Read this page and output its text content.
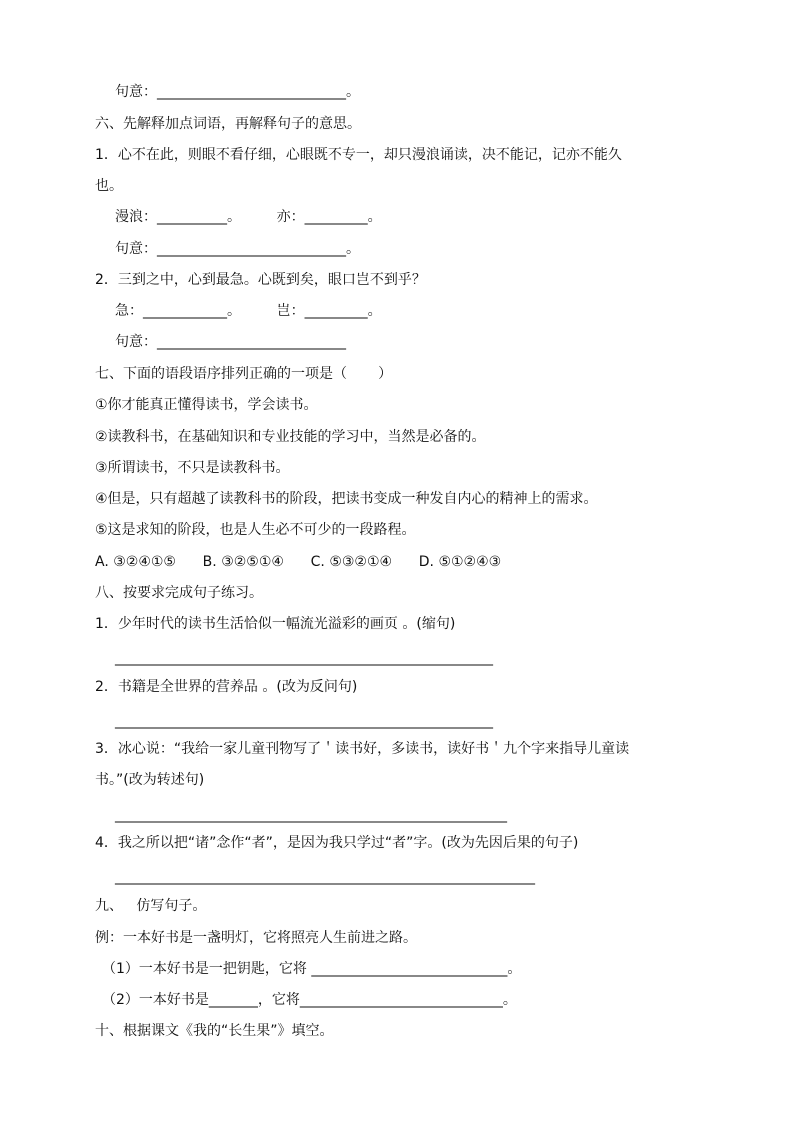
句意：___________________________。
六、先解释加点词语，再解释句子的意思。
1．心不在此，则眼不看仔细，心眼既不专一，却只漫浪诵读，决不能记，记亦不能久
也。
漫浪：__________。        亦：_________。
句意：___________________________。
2．三到之中，心到最急。心既到矣，眼口岂不到乎？
急：____________。        岂：_________。
句意：___________________________
七、下面的语段语序排列正确的一项是（       ）
①你才能真正懂得读书，学会读书。
②读教科书，在基础知识和专业技能的学习中，当然是必备的。
③所谓读书，不只是读教科书。
④但是，只有超越了读教科书的阶段，把读书变成一种发自内心的精神上的需求。
⑤这是求知的阶段，也是人生必不可少的一段路程。
A. ③②④①⑤      B. ③②⑤①④      C. ⑤③②①④      D. ⑤①②④③
八、按要求完成句子练习。
1．少年时代的读书生活恰似一幅流光溢彩的画页 。(缩句)
______________________________________________________
2．书籍是全世界的营养品 。(改为反问句)
______________________________________________________
3．冰心说：“我给一家儿童刊物写了＇读书好，多读书，读好书＇九个字来指导儿童读
书。”(改为转述句)
________________________________________________________
4．我之所以把“诸”念作“者”，是因为我只学过“者”字。(改为先因后果的句子)
____________________________________________________________
九、   仿写句子。
例：一本好书是一盏明灯，它将照亮人生前进之路。
（1）一本好书是一把钥匙，它将 ____________________________。
（2）一本好书是_______，它将_____________________________。
十、根据课文《我的“长生果”》填空。
